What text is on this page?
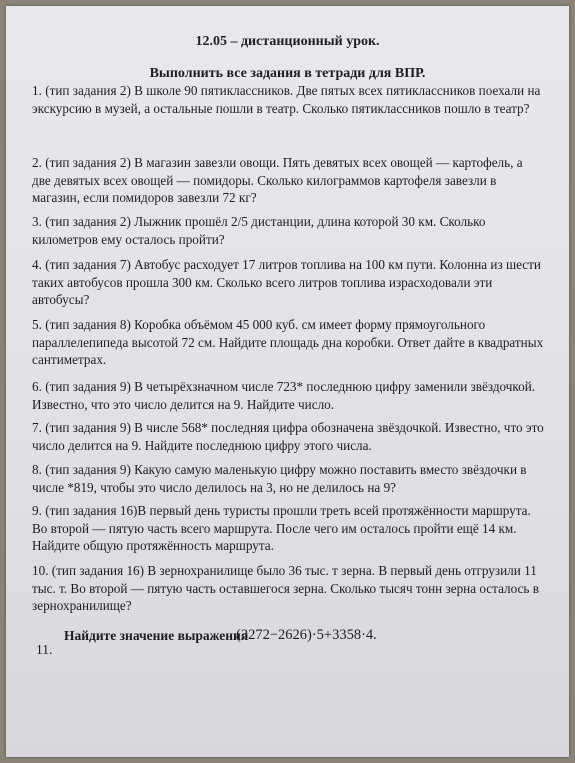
12.05 – дистанционный урок.
Выполнить все задания в тетради для ВПР.
1. (тип задания 2) В школе 90 пятиклассников. Две пятых всех пятиклассников поехали на экскурсию в музей, а остальные пошли в театр. Сколько пятиклассников пошло в театр?
2. (тип задания 2) В магазин завезли овощи. Пять девятых всех овощей — картофель, а две девятых всех овощей — помидоры. Сколько килограммов картофеля завезли в магазин, если помидоров завезли 72 кг?
3. (тип задания 2) Лыжник прошёл 2/5 дистанции, длина которой 30 км. Сколько километров ему осталось пройти?
4. (тип задания 7) Автобус расходует 17 литров топлива на 100 км пути. Колонна из шести таких автобусов прошла 300 км. Сколько всего литров топлива израсходовали эти автобусы?
5. (тип задания 8) Коробка объёмом 45 000 куб. см имеет форму прямоугольного параллелепипеда высотой 72 см. Найдите площадь дна коробки. Ответ дайте в квадратных сантиметрах.
6. (тип задания 9) В четырёхзначном числе 723* последнюю цифру заменили звёздочкой. Известно, что это число делится на 9. Найдите число.
7. (тип задания 9) В числе 568* последняя цифра обозначена звёздочкой. Известно, что это число делится на 9. Найдите последнюю цифру этого числа.
8. (тип задания 9) Какую самую маленькую цифру можно поставить вместо звёздочки в числе *819, чтобы это число делилось на 3, но не делилось на 9?
9. (тип задания 16)В первый день туристы прошли треть всей протяжённости маршрута. Во второй — пятую часть всего маршрута. После чего им осталось пройти ещё 14 км. Найдите общую протяжённость маршрута.
10. (тип задания 16) В зернохранилище было 36 тыс. т зерна. В первый день отгрузили 11 тыс. т. Во второй — пятую часть оставшегося зерна. Сколько тысяч тонн зерна осталось в зернохранилище?
11.
Найдите значение выражения
(3272−2626)·5+3358·4.
